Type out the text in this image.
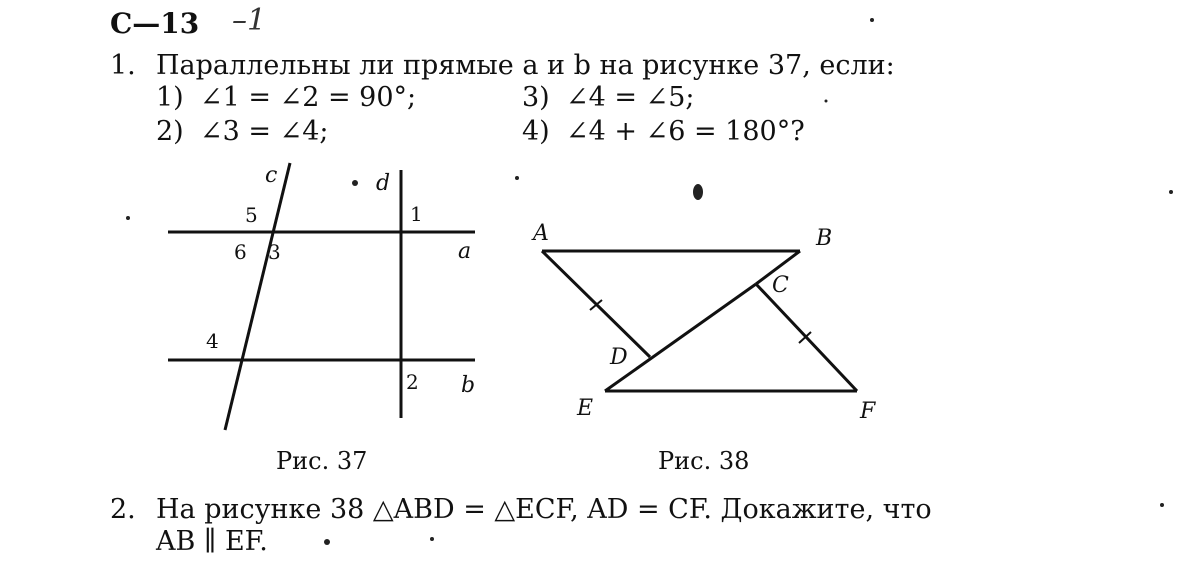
С—13 –1
1. Параллельны ли прямые a и b на рисунке 37, если:
1) ∠1 = ∠2 = 90°;	3) ∠4 = ∠5;
2) ∠3 = ∠4;	4) ∠4 + ∠6 = 180°?
c	d
a
b
5
6 3
1
4
2
A	B
C
D
E	F
Рис. 37	Рис. 38
2. На рисунке 38 △ABD = △ECF, AD = CF. Докажите, что
AB ∥ EF.
